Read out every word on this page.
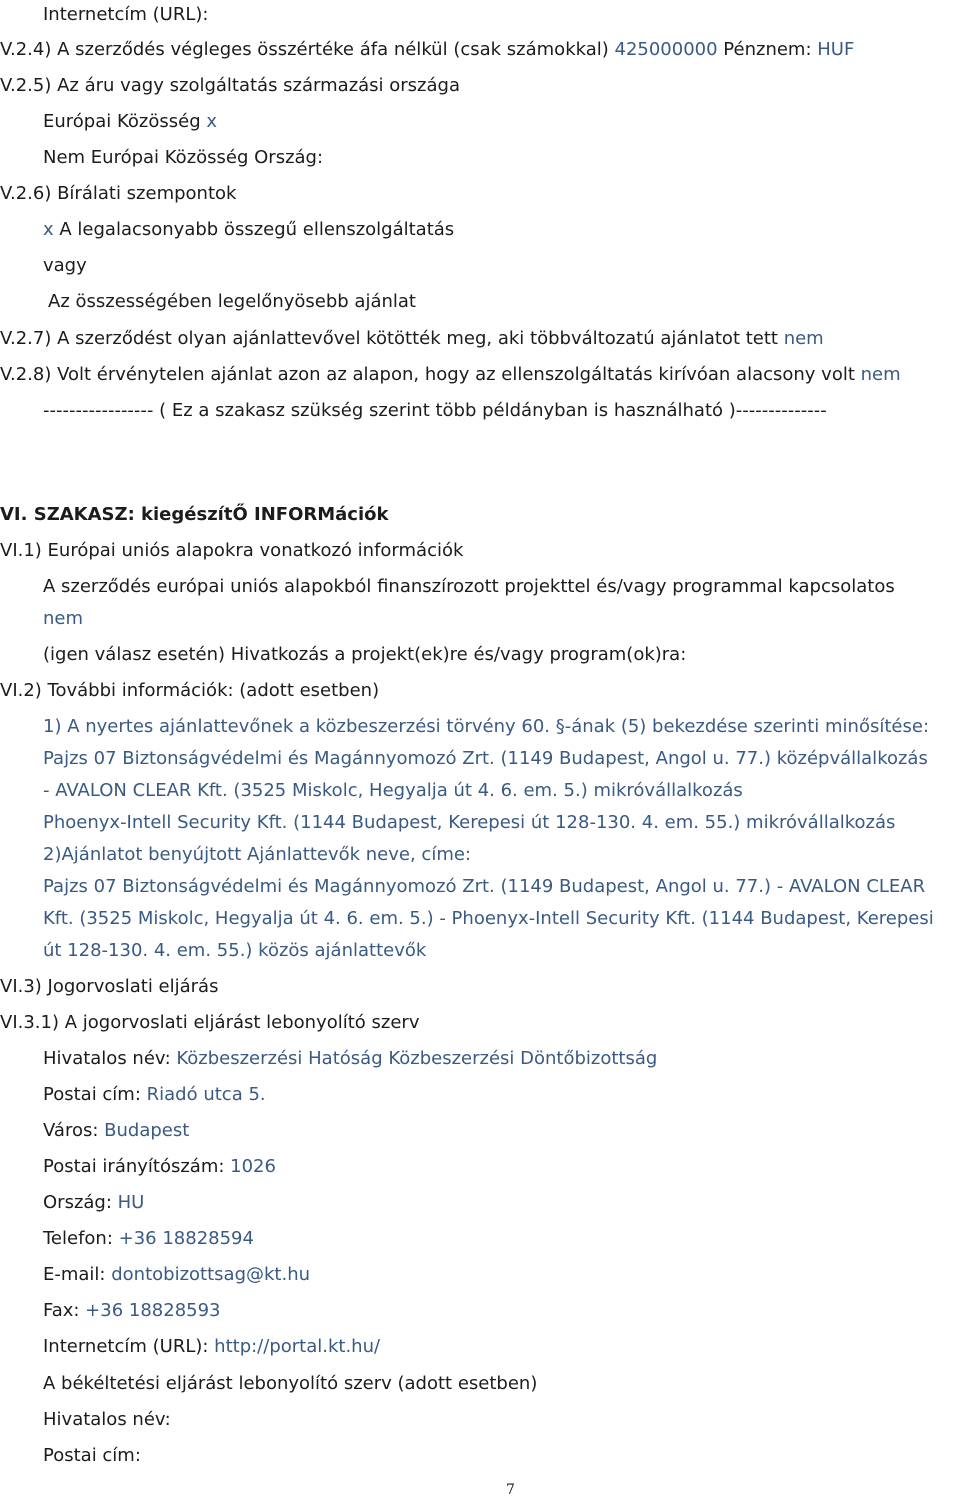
Internetcím (URL):
V.2.4) A szerződés végleges összértéke áfa nélkül (csak számokkal) 425000000 Pénznem: HUF
V.2.5) Az áru vagy szolgáltatás származási országa
Európai Közösség x
Nem Európai Közösség Ország:
V.2.6) Bírálati szempontok
x A legalacsonyabb összegű ellenszolgáltatás
vagy
Az összességében legelőnyösebb ajánlat
V.2.7) A szerződést olyan ajánlattevővel kötötték meg, aki többváltozatú ajánlatot tett nem
V.2.8) Volt érvénytelen ajánlat azon az alapon, hogy az ellenszolgáltatás kirívóan alacsony volt nem
----------------- ( Ez a szakasz szükség szerint több példányban is használható )--------------
VI. SZAKASZ: kiegészítŐ INFORMációk
VI.1) Európai uniós alapokra vonatkozó információk
A szerződés európai uniós alapokból finanszírozott projekttel és/vagy programmal kapcsolatos
nem
(igen válasz esetén) Hivatkozás a projekt(ek)re és/vagy program(ok)ra:
VI.2) További információk: (adott esetben)
1) A nyertes ajánlattevőnek a közbeszerzési törvény 60. §-ának (5) bekezdése szerinti minősítése:
Pajzs 07 Biztonságvédelmi és Magánnyomozó Zrt. (1149 Budapest, Angol u. 77.) középvállalkozás
- AVALON CLEAR Kft. (3525 Miskolc, Hegyalja út 4. 6. em. 5.) mikróvállalkozás
Phoenyx-Intell Security Kft. (1144 Budapest, Kerepesi út 128-130. 4. em. 55.) mikróvállalkozás
2)Ajánlatot benyújtott Ajánlattevők neve, címe:
Pajzs 07 Biztonságvédelmi és Magánnyomozó Zrt. (1149 Budapest, Angol u. 77.) - AVALON CLEAR
Kft. (3525 Miskolc, Hegyalja út 4. 6. em. 5.) - Phoenyx-Intell Security Kft. (1144 Budapest, Kerepesi
út 128-130. 4. em. 55.) közös ajánlattevők
VI.3) Jogorvoslati eljárás
VI.3.1) A jogorvoslati eljárást lebonyolító szerv
Hivatalos név: Közbeszerzési Hatóság Közbeszerzési Döntőbizottság
Postai cím: Riadó utca 5.
Város: Budapest
Postai irányítószám: 1026
Ország: HU
Telefon: +36 18828594
E-mail: dontobizottsag@kt.hu
Fax: +36 18828593
Internetcím (URL): http://portal.kt.hu/
A békéltetési eljárást lebonyolító szerv (adott esetben)
Hivatalos név:
Postai cím:
7
